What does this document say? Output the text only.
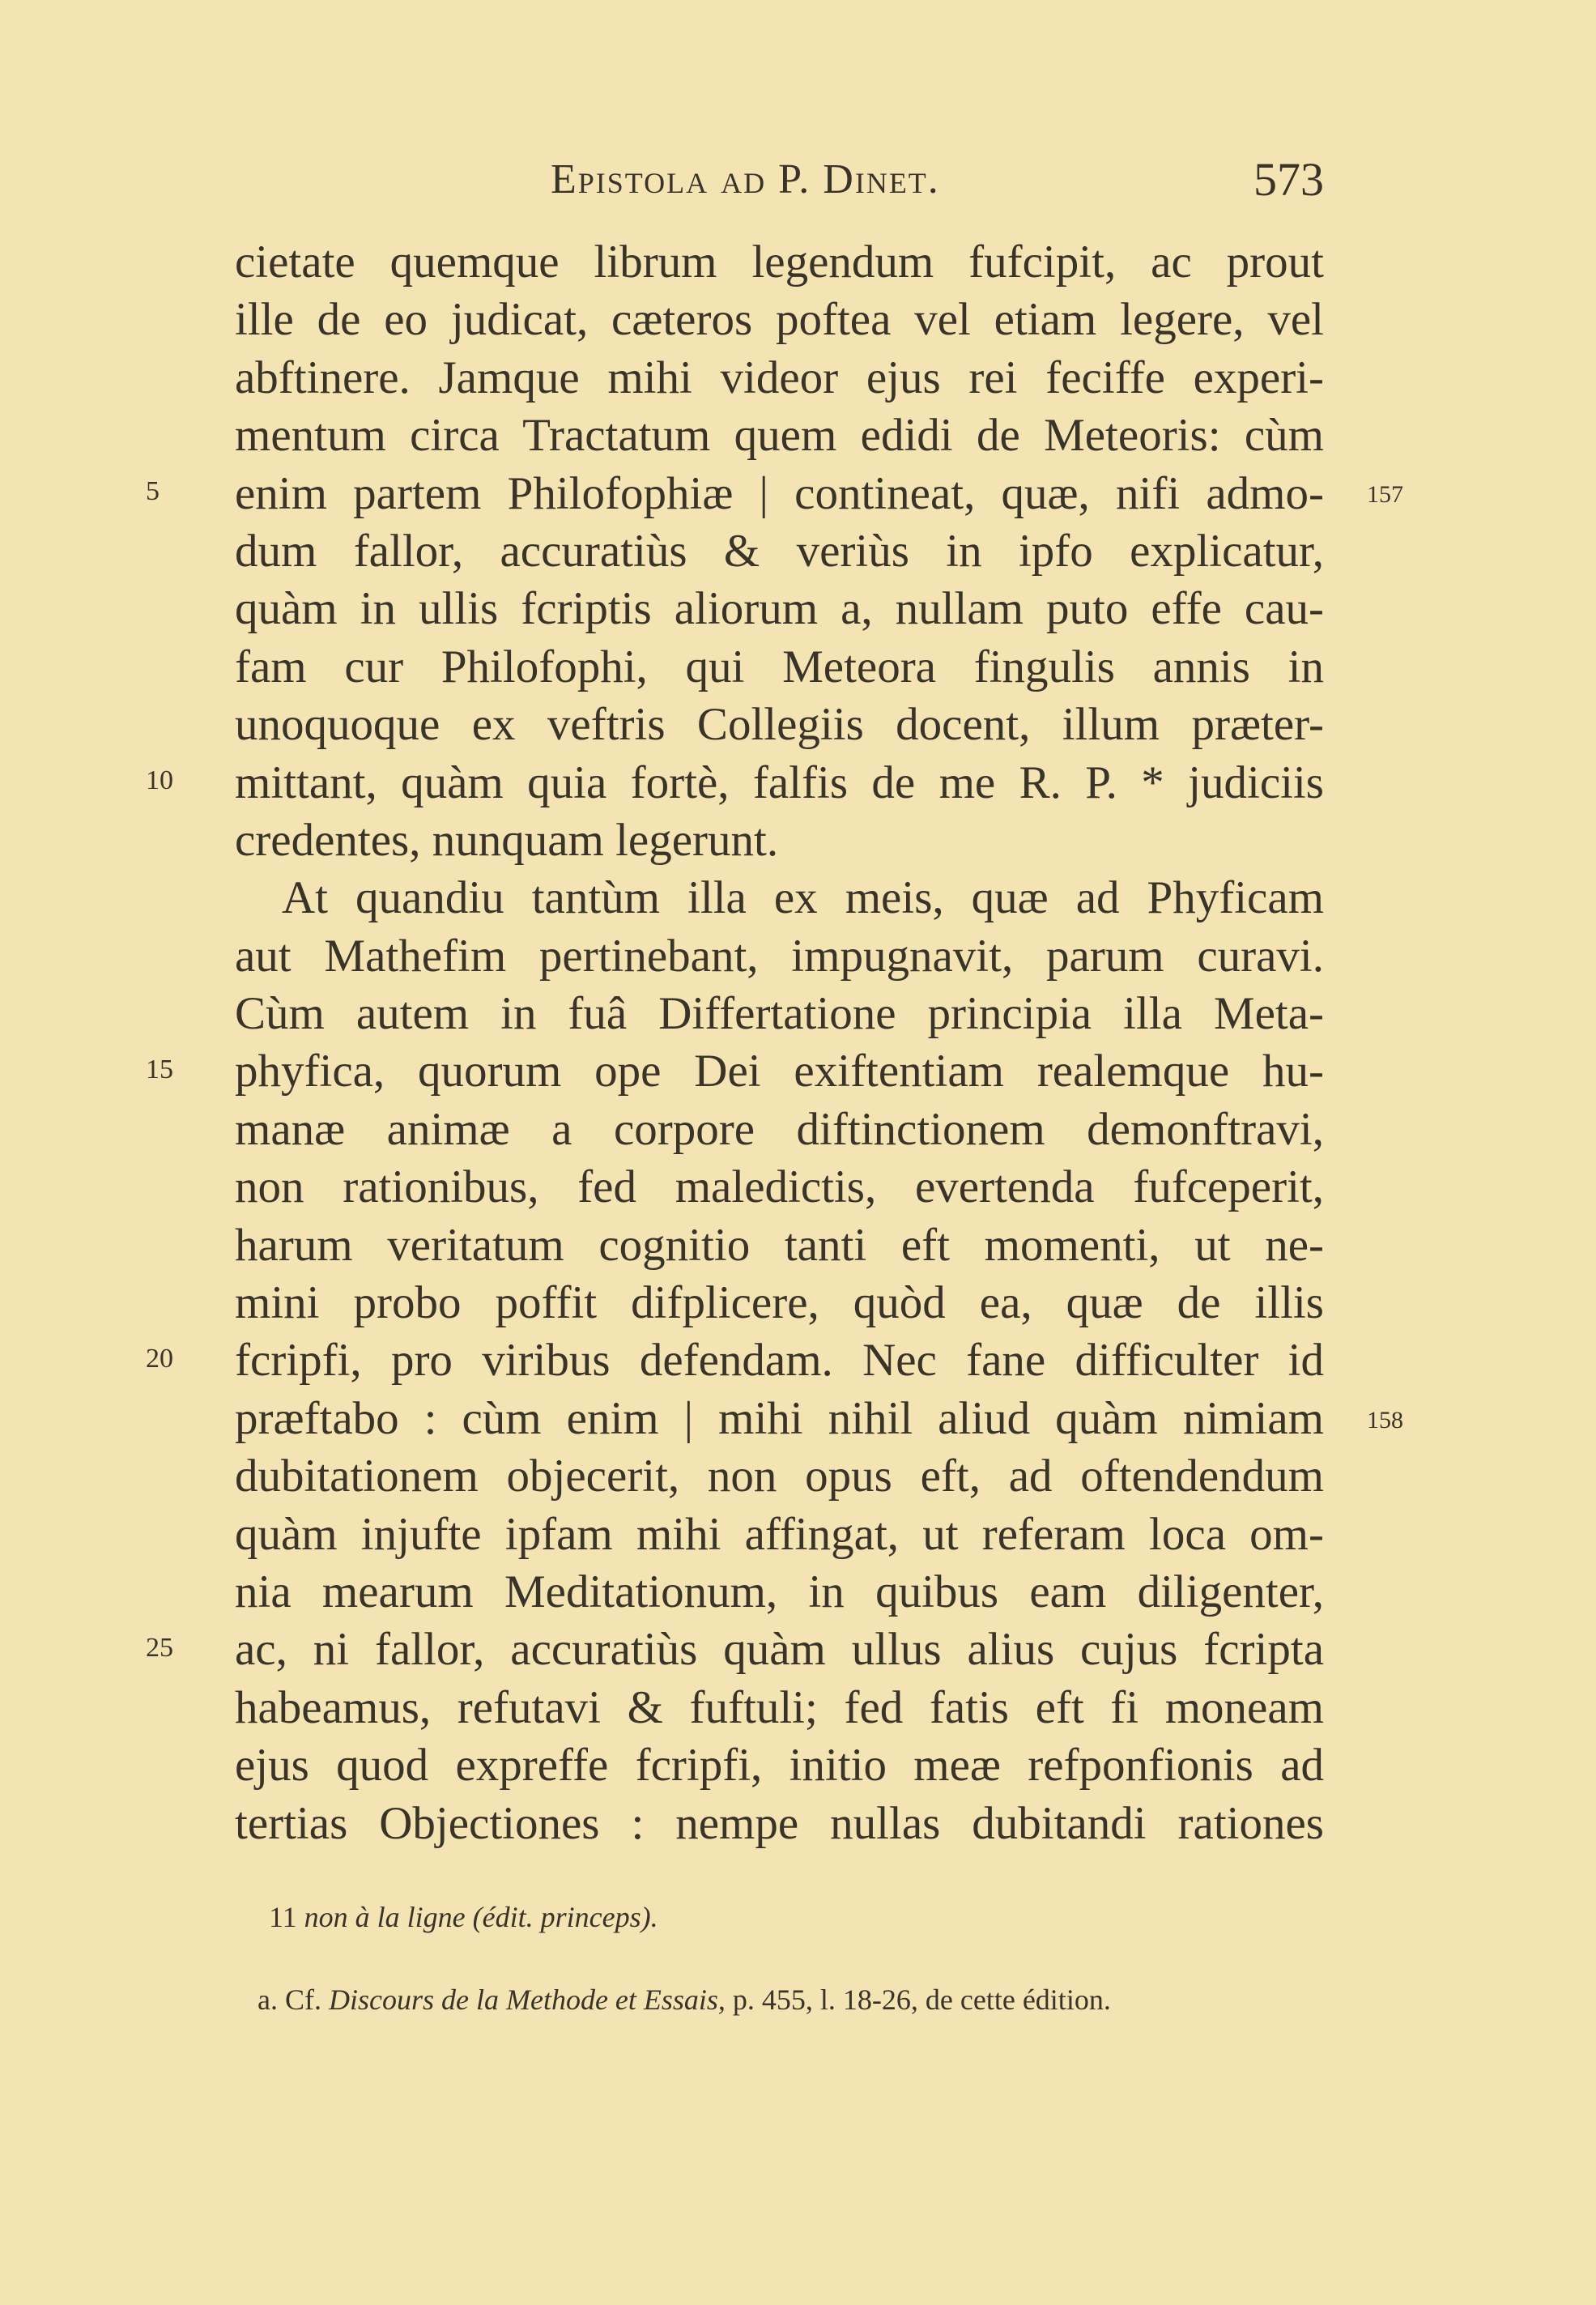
Epistola ad P. Dinet.	573
5
10
15
20
25
157
158
cietate quemque librum legendum fufcipit, ac prout
ille de eo judicat, cæteros poftea vel etiam legere, vel
abftinere. Jamque mihi videor ejus rei feciffe experi-
mentum circa Tractatum quem edidi de Meteoris: cùm
enim partem Philofophiæ | contineat, quæ, nifi admo-
dum fallor, accuratiùs & veriùs in ipfo explicatur,
quàm in ullis fcriptis aliorum a, nullam puto effe cau-
fam cur Philofophi, qui Meteora fingulis annis in
unoquoque ex veftris Collegiis docent, illum præter-
mittant, quàm quia fortè, falfis de me R. P. * judiciis
credentes, nunquam legerunt.
At quandiu tantùm illa ex meis, quæ ad Phyficam
aut Mathefim pertinebant, impugnavit, parum curavi.
Cùm autem in fuâ Differtatione principia illa Meta-
phyfica, quorum ope Dei exiftentiam realemque hu-
manæ animæ a corpore diftinctionem demonftravi,
non rationibus, fed maledictis, evertenda fufceperit,
harum veritatum cognitio tanti eft momenti, ut ne-
mini probo poffit difplicere, quòd ea, quæ de illis
fcripfi, pro viribus defendam. Nec fane difficulter id
præftabo : cùm enim | mihi nihil aliud quàm nimiam
dubitationem objecerit, non opus eft, ad oftendendum
quàm injufte ipfam mihi affingat, ut referam loca om-
nia mearum Meditationum, in quibus eam diligenter,
ac, ni fallor, accuratiùs quàm ullus alius cujus fcripta
habeamus, refutavi & fuftuli; fed fatis eft fi moneam
ejus quod expreffe fcripfi, initio meæ refponfionis ad
tertias Objectiones : nempe nullas dubitandi rationes
11 non à la ligne (édit. princeps).
a. Cf. Discours de la Methode et Essais, p. 455, l. 18-26, de cette édition.
